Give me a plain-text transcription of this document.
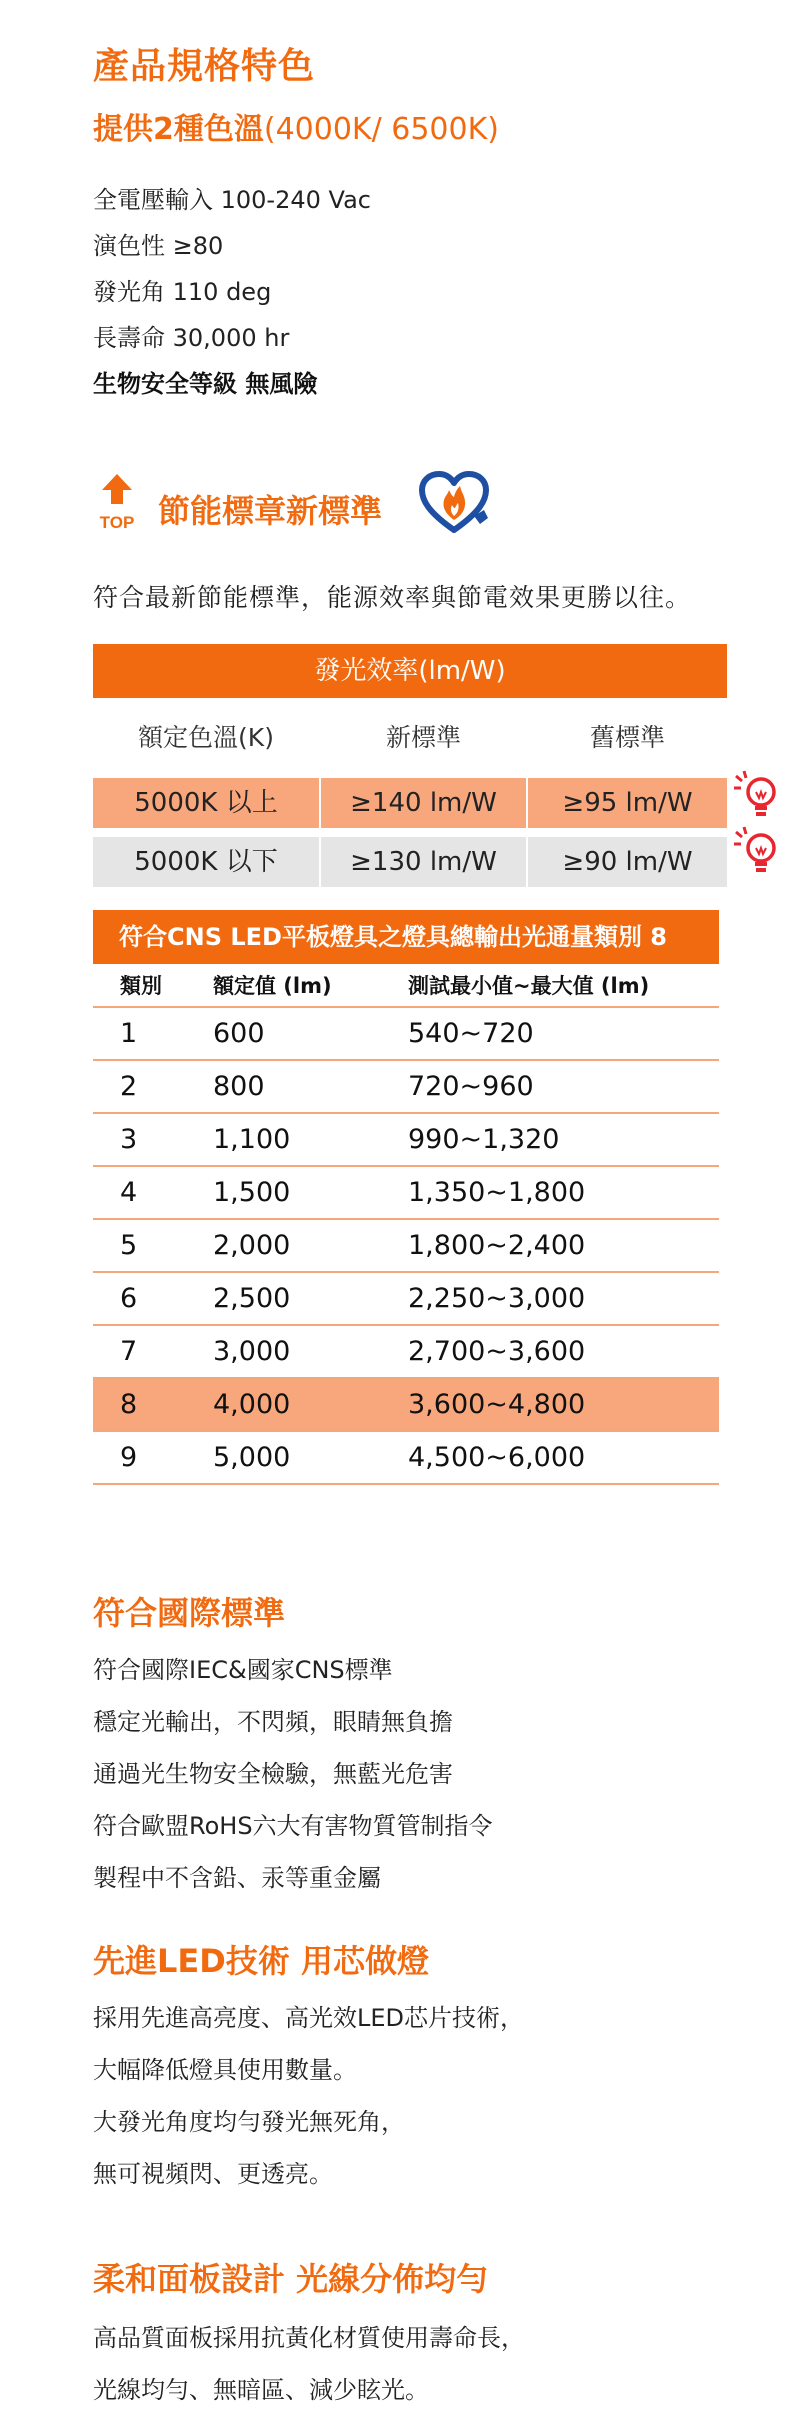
產品規格特色
提供2種色溫(4000K/ 6500K)
全電壓輸入 100-240 Vac
演色性 ≥80
發光角 110 deg
長壽命 30,000 hr
生物安全等級 無風險
TOP 節能標章新標準
符合最新節能標準，能源效率與節電效果更勝以往。
發光效率(lm/W)
額定色溫(K)	新標準	舊標準
5000K 以上	≥140 lm/W	≥95 lm/W
5000K 以下	≥130 lm/W	≥90 lm/W
符合CNS LED平板燈具之燈具總輸出光通量類別 8
類別 額定值 (lm)	測試最小值~最大值 (lm)
1	600	540~720
2	800	720~960
3	1,100	990~1,320
4	1,500	1,350~1,800
5	2,000	1,800~2,400
6	2,500	2,250~3,000
7	3,000	2,700~3,600
8	4,000	3,600~4,800
9	5,000	4,500~6,000
符合國際標準
符合國際IEC&國家CNS標準
穩定光輸出，不閃頻，眼睛無負擔
通過光生物安全檢驗，無藍光危害
符合歐盟RoHS六大有害物質管制指令
製程中不含鉛、汞等重金屬
先進LED技術 用芯做燈
採用先進高亮度、高光效LED芯片技術，
大幅降低燈具使用數量。
大發光角度均勻發光無死角，
無可視頻閃、更透亮。
柔和面板設計 光線分佈均勻
高品質面板採用抗黃化材質使用壽命長，
光線均勻、無暗區、減少眩光。
